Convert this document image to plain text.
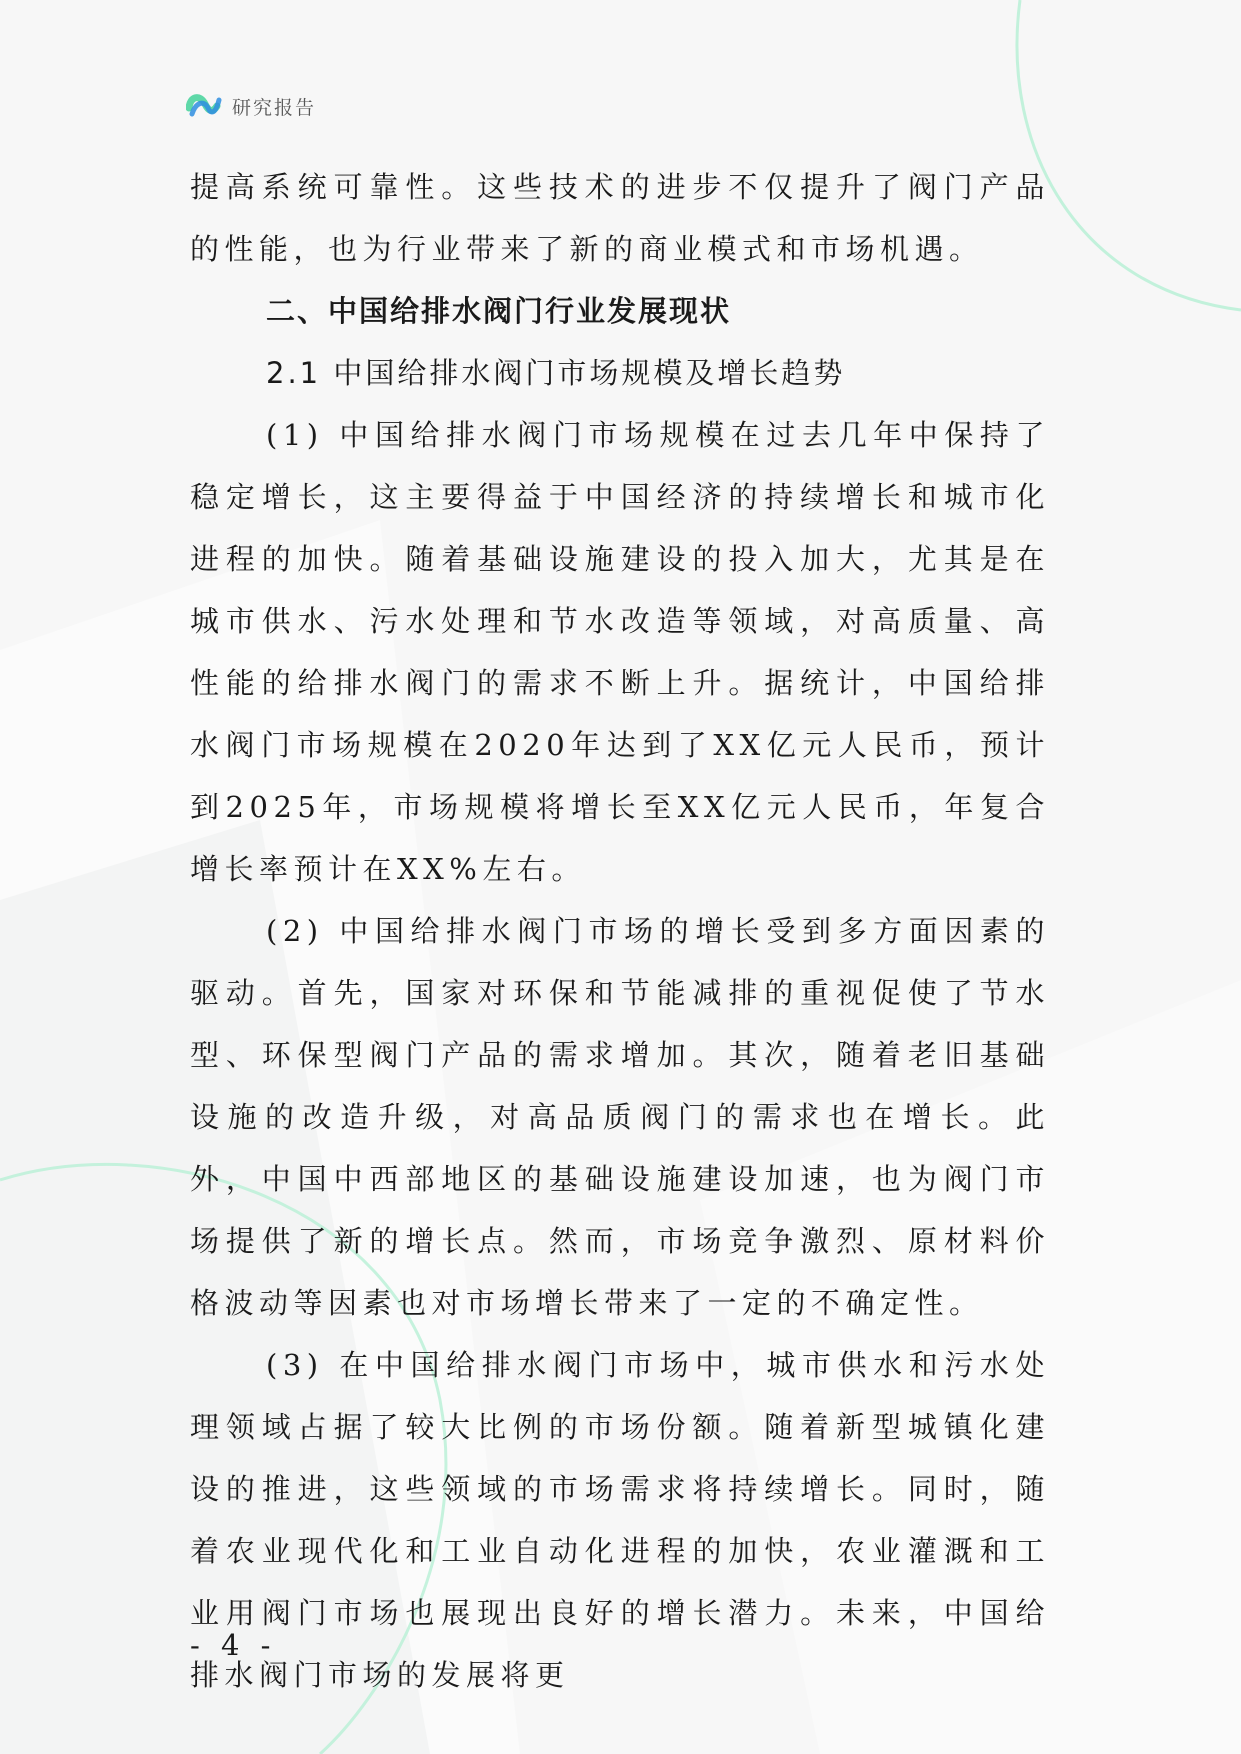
研究报告

提高系统可靠性。这些技术的进步不仅提升了阀门产品的性能，也为行业带来了新的商业模式和市场机遇。

二、中国给排水阀门行业发展现状

2.1 中国给排水阀门市场规模及增长趋势

(1) 中国给排水阀门市场规模在过去几年中保持了稳定增长，这主要得益于中国经济的持续增长和城市化进程的加快。随着基础设施建设的投入加大，尤其是在城市供水、污水处理和节水改造等领域，对高质量、高性能的给排水阀门的需求不断上升。据统计，中国给排水阀门市场规模在2020年达到了XX亿元人民币，预计到2025年，市场规模将增长至XX亿元人民币，年复合增长率预计在XX%左右。

(2) 中国给排水阀门市场的增长受到多方面因素的驱动。首先，国家对环保和节能减排的重视促使了节水型、环保型阀门产品的需求增加。其次，随着老旧基础设施的改造升级，对高品质阀门的需求也在增长。此外，中国中西部地区的基础设施建设加速，也为阀门市场提供了新的增长点。然而，市场竞争激烈、原材料价格波动等因素也对市场增长带来了一定的不确定性。

(3) 在中国给排水阀门市场中，城市供水和污水处理领域占据了较大比例的市场份额。随着新型城镇化建设的推进，这些领域的市场需求将持续增长。同时，随着农业现代化和工业自动化进程的加快，农业灌溉和工业用阀门市场也展现出良好的增长潜力。未来，中国给排水阀门市场的发展将更

- 4 -
